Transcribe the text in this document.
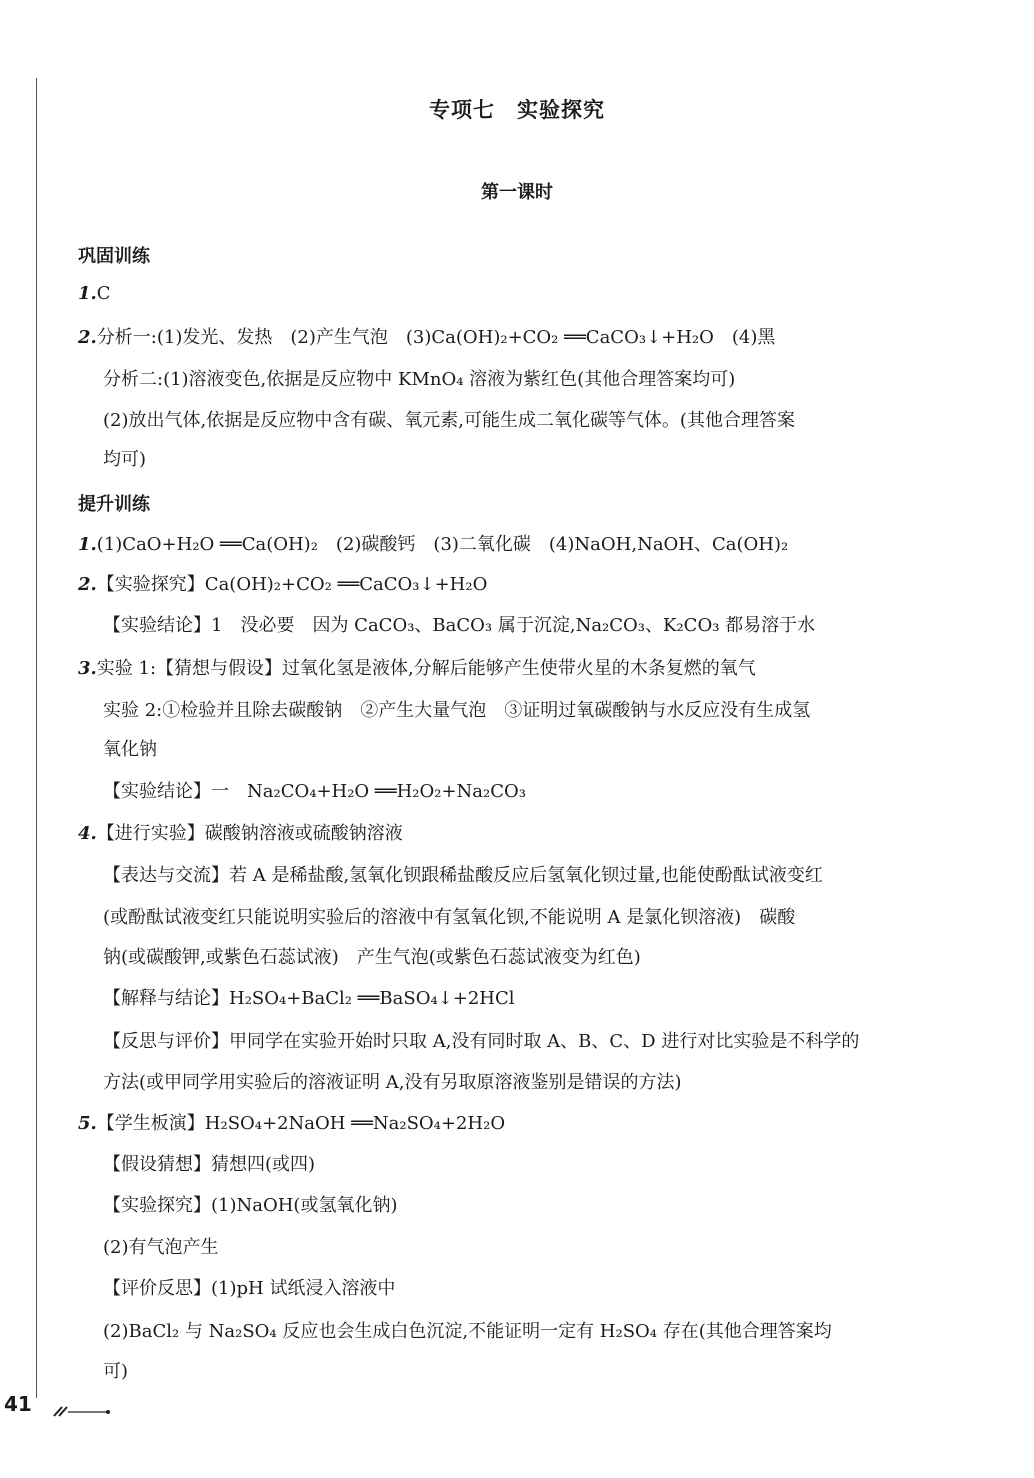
专项七　实验探究
第一课时
巩固训练
1.C
2.分析一:(1)发光、发热　(2)产生气泡　(3)Ca(OH)₂+CO₂ ══CaCO₃↓+H₂O　(4)黑
分析二:(1)溶液变色,依据是反应物中 KMnO₄ 溶液为紫红色(其他合理答案均可)
(2)放出气体,依据是反应物中含有碳、氧元素,可能生成二氧化碳等气体。(其他合理答案
均可)
提升训练
1.(1)CaO+H₂O ══Ca(OH)₂　(2)碳酸钙　(3)二氧化碳　(4)NaOH,NaOH、Ca(OH)₂
2.【实验探究】Ca(OH)₂+CO₂ ══CaCO₃↓+H₂O
【实验结论】1　没必要　因为 CaCO₃、BaCO₃ 属于沉淀,Na₂CO₃、K₂CO₃ 都易溶于水
3.实验 1:【猜想与假设】过氧化氢是液体,分解后能够产生使带火星的木条复燃的氧气
实验 2:①检验并且除去碳酸钠　②产生大量气泡　③证明过氧碳酸钠与水反应没有生成氢
氧化钠
【实验结论】一　Na₂CO₄+H₂O ══H₂O₂+Na₂CO₃
4.【进行实验】碳酸钠溶液或硫酸钠溶液
【表达与交流】若 A 是稀盐酸,氢氧化钡跟稀盐酸反应后氢氧化钡过量,也能使酚酞试液变红
(或酚酞试液变红只能说明实验后的溶液中有氢氧化钡,不能说明 A 是氯化钡溶液)　碳酸
钠(或碳酸钾,或紫色石蕊试液)　产生气泡(或紫色石蕊试液变为红色)
【解释与结论】H₂SO₄+BaCl₂ ══BaSO₄↓+2HCl
【反思与评价】甲同学在实验开始时只取 A,没有同时取 A、B、C、D 进行对比实验是不科学的
方法(或甲同学用实验后的溶液证明 A,没有另取原溶液鉴别是错误的方法)
5.【学生板演】H₂SO₄+2NaOH ══Na₂SO₄+2H₂O
【假设猜想】猜想四(或四)
【实验探究】(1)NaOH(或氢氧化钠)
(2)有气泡产生
【评价反思】(1)pH 试纸浸入溶液中
(2)BaCl₂ 与 Na₂SO₄ 反应也会生成白色沉淀,不能证明一定有 H₂SO₄ 存在(其他合理答案均
可)
41
